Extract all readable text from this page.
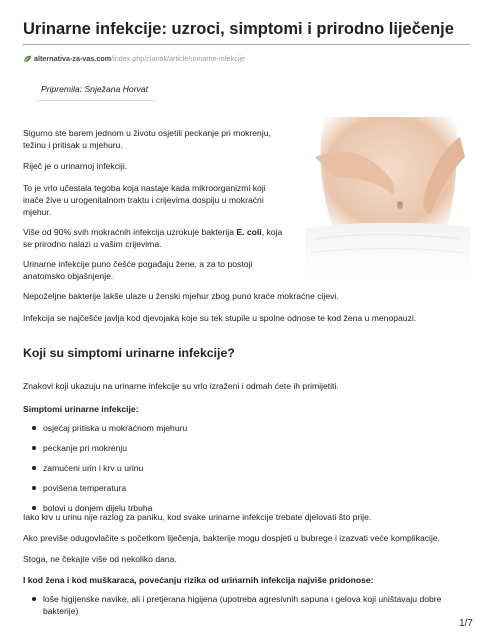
Urinarne infekcije: uzroci, simptomi i prirodno liječenje
alternativa-za-vas.com/index.php/clanak/article/urinarne-infekcije
Pripremila: Snježana Horvat

Sigurno ste barem jednom u životu osjetili peckanje pri mokrenju,
težinu i pritisak u mjehuru.

Riječ je o urinarnoj infekciji.

To je vrlo učestala tegoba koja nastaje kada mikroorganizmi koji
inače žive u urogenitalnom traktu i crijevima dospiju u mokraćni
mjehur.

Više od 90% svih mokraćnih infekcija uzrokuje bakterija E. coli, koja
se prirodno nalazi u vašim crijevima.

Urinarne infekcije puno češće pogađaju žene, a za to postoji
anatomsko objašnjenje.

Nepoželjne bakterije lakše ulaze u ženski mjehur zbog puno kraće mokraćne cijevi.

Infekcija se najčešće javlja kod djevojaka koje su tek stupile u spolne odnose te kod žena u menopauzi.

Koji su simptomi urinarne infekcije?

Znakovi koji ukazuju na urinarne infekcije su vrlo izraženi i odmah ćete ih primijetiti.

Simptomi urinarne infekcije:

osjećaj pritiska u mokraćnom mjehuru
peckanje pri mokrenju
zamućeni urin i krv u urinu
povišena temperatura
bolovi u donjem dijelu trbuha

Iako krv u urinu nije razlog za paniku, kod svake urinarne infekcije trebate djelovati što prije.

Ako previše odugovlačite s početkom liječenja, bakterije mogu dospjeti u bubrege i izazvati veće komplikacije.

Stoga, ne čekajte više od nekoliko dana.

I kod žena i kod muškaraca, povećanju rizika od urinarnih infekcija najviše pridonose:

loše higijenske navike, ali i pretjerana higijena (upotreba agresivnih sapuna i gelova koji uništavaju dobre
bakterije)
1/7
